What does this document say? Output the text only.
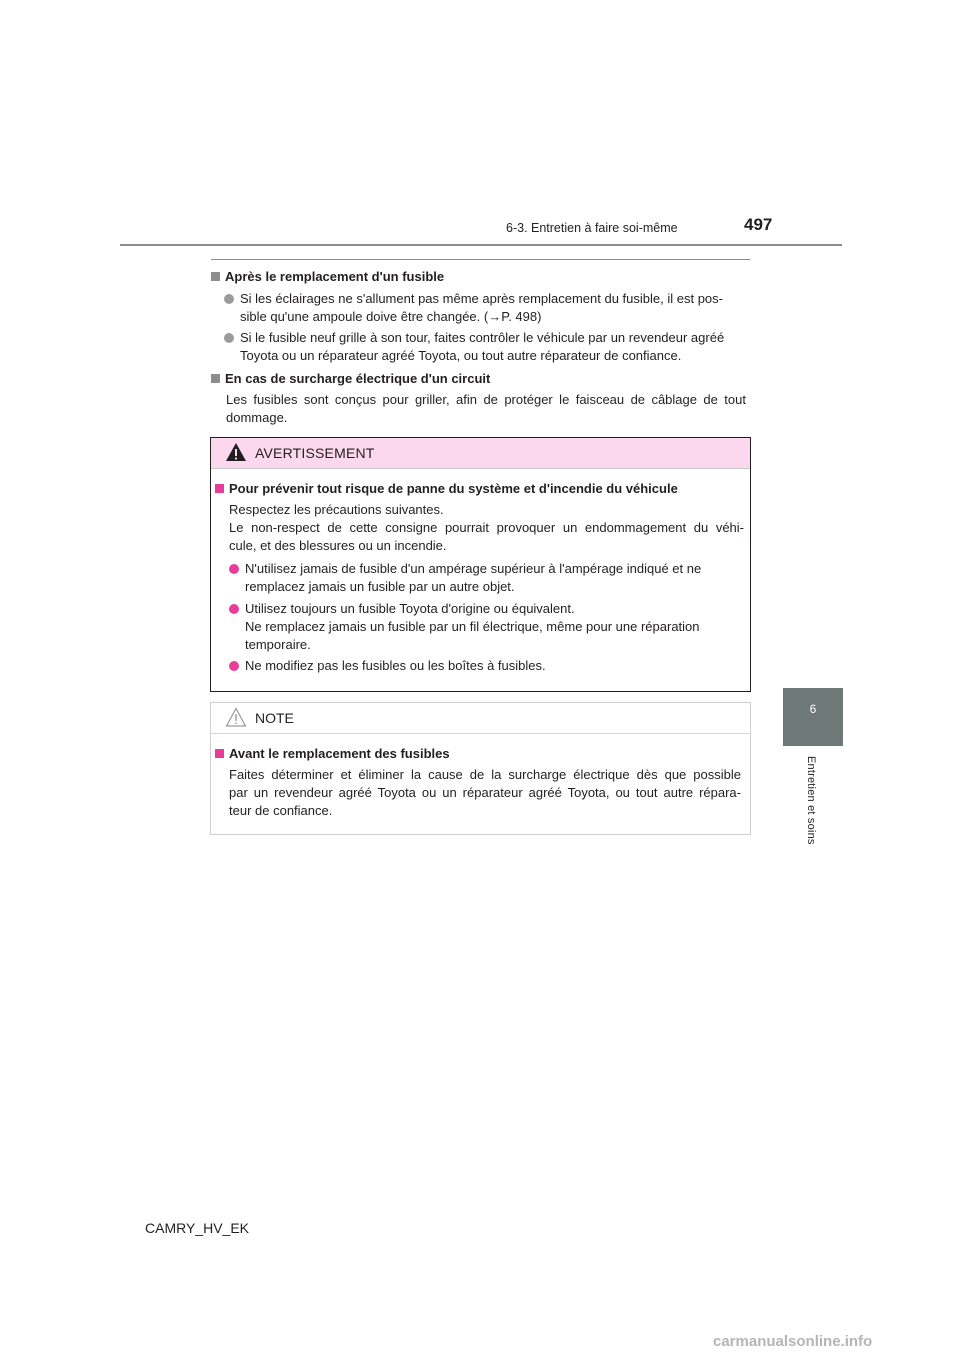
6-3. Entretien à faire soi-même	497
6
Entretien et soins
Après le remplacement d'un fusible
Si les éclairages ne s'allument pas même après remplacement du fusible, il est pos-
sible qu'une ampoule doive être changée. (→P. 498)
Si le fusible neuf grille à son tour, faites contrôler le véhicule par un revendeur agréé
Toyota ou un réparateur agréé Toyota, ou tout autre réparateur de confiance.
En cas de surcharge électrique d'un circuit
Les fusibles sont conçus pour griller, afin de protéger le faisceau de câblage de tout
dommage.
AVERTISSEMENT
Pour prévenir tout risque de panne du système et d'incendie du véhicule
Respectez les précautions suivantes.
Le non-respect de cette consigne pourrait provoquer un endommagement du véhi-
cule, et des blessures ou un incendie.
N'utilisez jamais de fusible d'un ampérage supérieur à l'ampérage indiqué et ne
remplacez jamais un fusible par un autre objet.
Utilisez toujours un fusible Toyota d'origine ou équivalent.
Ne remplacez jamais un fusible par un fil électrique, même pour une réparation
temporaire.
Ne modifiez pas les fusibles ou les boîtes à fusibles.
NOTE
Avant le remplacement des fusibles
Faites déterminer et éliminer la cause de la surcharge électrique dès que possible
par un revendeur agréé Toyota ou un réparateur agréé Toyota, ou tout autre répara-
teur de confiance.
CAMRY_HV_EK
carmanualsonline.info
